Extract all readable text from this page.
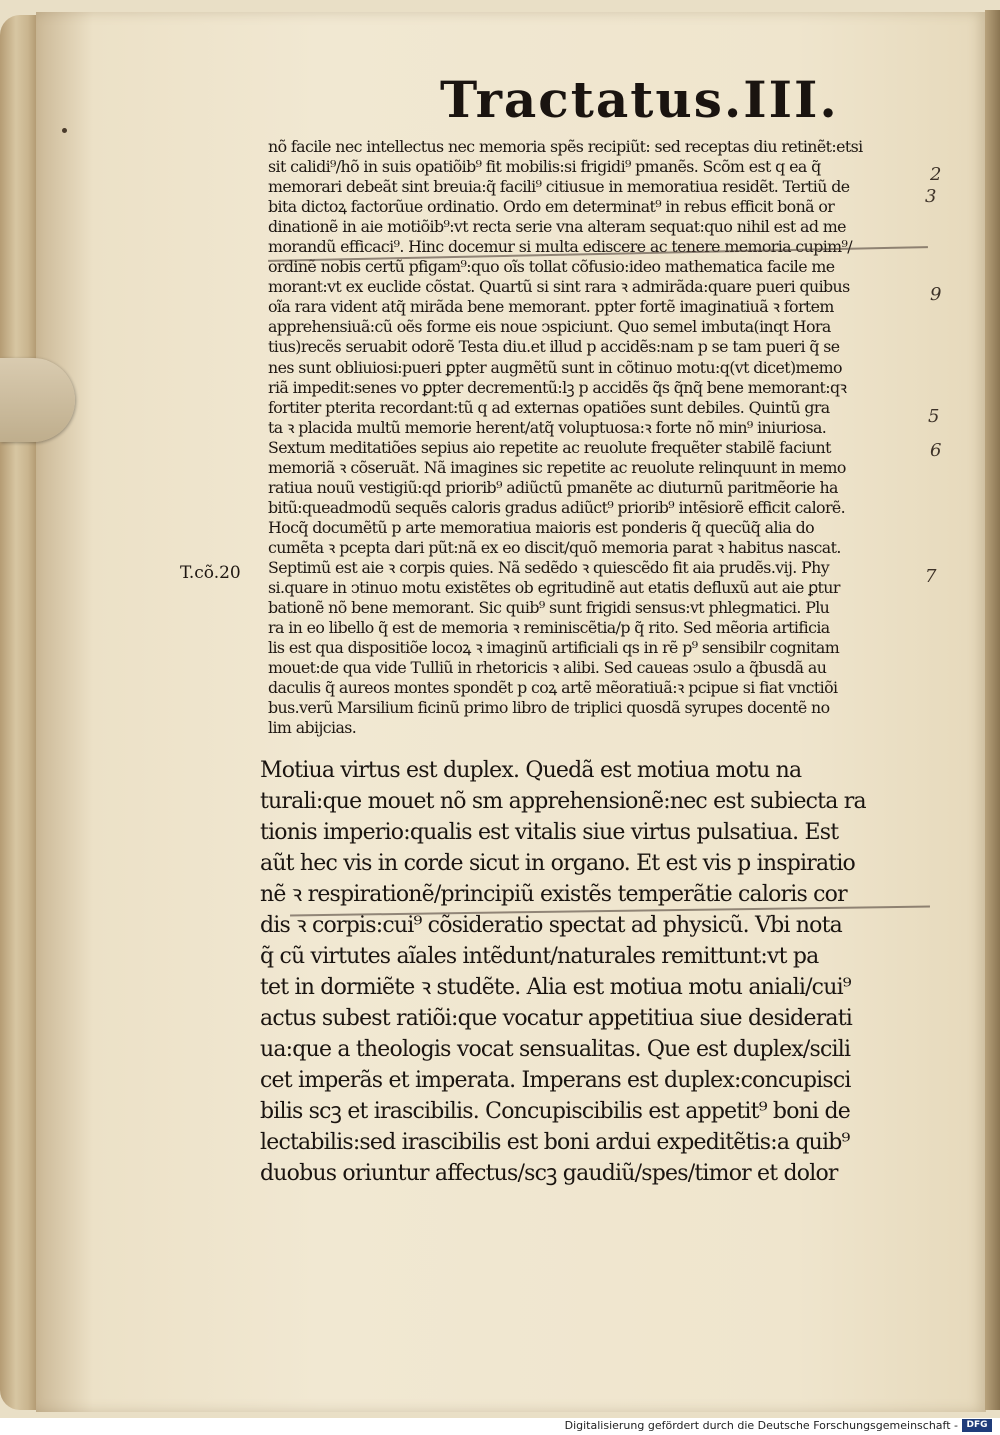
Tractatus.III.
nõ facile nec intellectus nec memoria spẽs recipiũt: sed receptas diu retinẽt:etsi
sit calidi⁹/hõ in suis opatiõib⁹ fit mobilis:si frigidi⁹ pmanẽs. Scõm est q ea q̃
memorari debeãt sint breuia:q̃ facili⁹ citiusue in memoratiua residẽt. Tertiũ de
bita dictoꝝ factorũue ordinatio. Ordo em determinat⁹ in rebus efficit bonã or
dinationẽ in aie motiõib⁹:vt recta serie vna alteram sequat:quo nihil est ad me
morandũ efficaci⁹. Hinc docemur si multa ediscere ac tenere memoria cupim⁹/
ordinẽ nobis certũ pfigam⁹:quo oĩs tollat cõfusio:ideo mathematica facile me
morant:vt ex euclide cõstat. Quartũ si sint rara ꝛ admirãda:quare pueri quibus
oĩa rara vident atq̃ mirãda bene memorant. ppter fortẽ imaginatiuã ꝛ fortem
apprehensiuã:cũ oẽs forme eis noue ↄspiciunt. Quo semel imbuta(inqt Hora
tius)recẽs seruabit odorẽ Testa diu.et illud p accidẽs:nam p se tam pueri q̃ se
nes sunt obliuiosi:pueri ꝑpter augmẽtũ sunt in cõtinuo motu:q(vt dicet)memo
riã impedit:senes vo ꝑpter decrementũ:lꝫ p accidẽs q̃s q̃nq̃ bene memorant:qꝛ
fortiter pterita recordant:tũ q ad externas opatiões sunt debiles. Quintũ gra
ta ꝛ placida multũ memorie herent/atq̃ voluptuosa:ꝛ forte nõ min⁹ iniuriosa.
Sextum meditatiões sepius aio repetite ac reuolute frequẽter stabilẽ faciunt
memoriã ꝛ cõseruãt. Nã imagines sic repetite ac reuolute relinquunt in memo
ratiua nouũ vestigiũ:qd priorib⁹ adiũctũ pmanẽte ac diuturnũ paritmẽorie ha
bitũ:queadmodũ sequẽs caloris gradus adiũct⁹ priorib⁹ intẽsiorẽ efficit calorẽ.
Hocq̃ documẽtũ p arte memoratiua maioris est ponderis q̃ quecũq̃ alia do
cumẽta ꝛ pcepta dari pũt:nã ex eo discit/quõ memoria parat ꝛ habitus nascat.
Septimũ est aie ꝛ corpis quies. Nã sedẽdo ꝛ quiescẽdo fit aia prudẽs.vij. Phy
si.quare in ↄtinuo motu existẽtes ob egritudinẽ aut etatis defluxũ aut aie ꝑtur
bationẽ nõ bene memorant. Sic quib⁹ sunt frigidi sensus:vt phlegmatici. Plu
ra in eo libello q̃ est de memoria ꝛ reminiscẽtia/p q̃ rito. Sed mẽoria artificia
lis est qua dispositiõe locoꝝ ꝛ imaginũ artificiali qs in rẽ p⁹ sensibilr cognitam
mouet:de qua vide Tulliũ in rhetoricis ꝛ alibi. Sed caueas ↄsulo a q̃busdã au
daculis q̃ aureos montes spondẽt p coꝝ artẽ mẽoratiuã:ꝛ pcipue si fiat vnctiõi
bus.verũ Marsilium ficinũ primo libro de triplici quosdã syrupes docentẽ no
lim abijcias.
T.cõ.20
2
3
9
5
6
7
Motiua virtus est duplex. Quedã est motiua motu na
turali:que mouet nõ sm apprehensionẽ:nec est subiecta ra
tionis imperio:qualis est vitalis siue virtus pulsatiua. Est
aũt hec vis in corde sicut in organo. Et est vis p inspiratio
nẽ ꝛ respirationẽ/principiũ existẽs temperãtie caloris cor
dis ꝛ corpis:cui⁹ cõsideratio spectat ad physicũ. Vbi nota
q̃ cũ virtutes aĩales intẽdunt/naturales remittunt:vt pa
tet in dormiẽte ꝛ studẽte. Alia est motiua motu aniali/cui⁹
actus subest ratiõi:que vocatur appetitiua siue desiderati
ua:que a theologis vocat sensualitas. Que est duplex/scili
cet imperãs et imperata. Imperans est duplex:concupisci
bilis scꝫ et irascibilis. Concupiscibilis est appetit⁹ boni de
lectabilis:sed irascibilis est boni ardui expeditẽtis:a quib⁹
duobus oriuntur affectus/scꝫ gaudiũ/spes/timor et dolor
Digitalisierung gefördert durch die Deutsche Forschungsgemeinschaft - DFG
